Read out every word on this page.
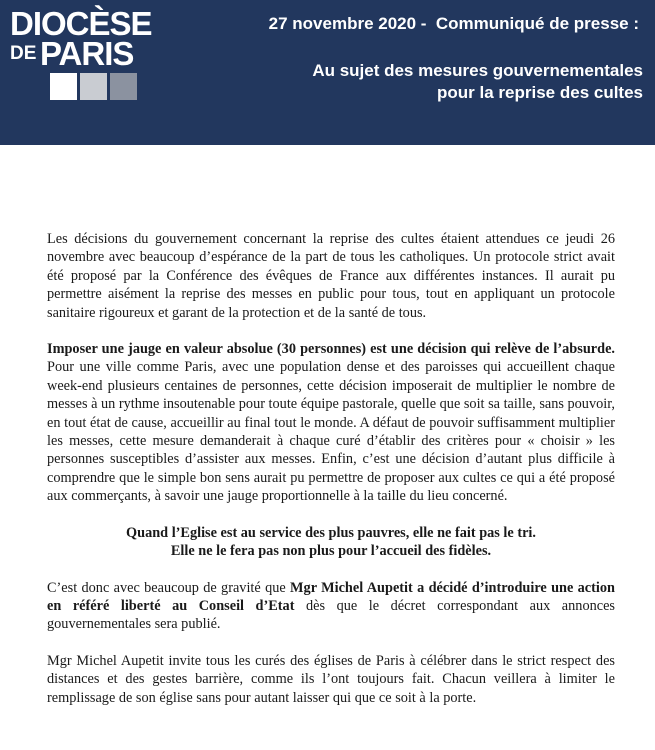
DIOCÈSE
DE PARIS
27 novembre 2020 -  Communiqué de presse :
Au sujet des mesures gouvernementales
pour la reprise des cultes

Les décisions du gouvernement concernant la reprise des cultes étaient attendues ce jeudi 26 novembre avec beaucoup d’espérance de la part de tous les catholiques. Un protocole strict avait été proposé par la Conférence des évêques de France aux différentes instances. Il aurait pu permettre aisément la reprise des messes en public pour tous, tout en appliquant un protocole sanitaire rigoureux et garant de la protection et de la santé de tous.

Imposer une jauge en valeur absolue (30 personnes) est une décision qui relève de l’absurde. Pour une ville comme Paris, avec une population dense et des paroisses qui accueillent chaque week-end plusieurs centaines de personnes, cette décision imposerait de multiplier le nombre de messes à un rythme insoutenable pour toute équipe pastorale, quelle que soit sa taille, sans pouvoir, en tout état de cause, accueillir au final tout le monde. A défaut de pouvoir suffisamment multiplier les messes, cette mesure demanderait à chaque curé d’établir des critères pour « choisir » les personnes susceptibles d’assister aux messes. Enfin, c’est une décision d’autant plus difficile à comprendre que le simple bon sens aurait pu permettre de proposer aux cultes ce qui a été proposé aux commerçants, à savoir une jauge proportionnelle à la taille du lieu concerné.

Quand l’Eglise est au service des plus pauvres, elle ne fait pas le tri.
Elle ne le fera pas non plus pour l’accueil des fidèles.

C’est donc avec beaucoup de gravité que Mgr Michel Aupetit a décidé d’introduire une action en référé liberté au Conseil d’Etat dès que le décret correspondant aux annonces gouvernementales sera publié.

Mgr Michel Aupetit invite tous les curés des églises de Paris à célébrer dans le strict respect des distances et des gestes barrière, comme ils l’ont toujours fait. Chacun veillera à limiter le remplissage de son église sans pour autant laisser qui que ce soit à la porte.
